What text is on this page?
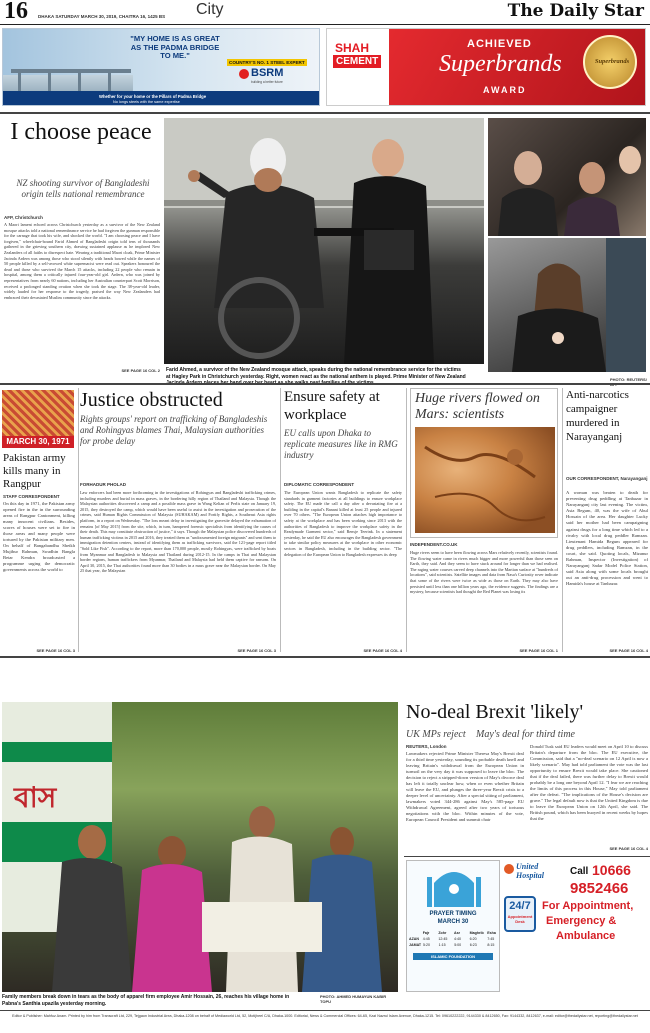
16 DHAKA SATURDAY MARCH 30, 2019, CHAITRA 16, 1425 BS City	The Daily Star
"MY HOME IS AS GREAT AS THE PADMA BRIDGE TO ME."
COUNTRY'S NO. 1 STEEL EXPERT
BSRM
building a better future
Whether for your home or the Pillars of Padma Bridge
No longs steels with the same expertise
SHAH
CEMENT
ACHIEVED
Superbrands
AWARD
Superbrands
I choose peace
NZ shooting survivor of Bangladeshi origin tells national remembrance
AFP, Christchurch
A Maori lament echoed across Christchurch yesterday as a survivor of the New Zealand mosque attacks told a national remembrance service he had forgiven the gunman responsible for the carnage that took his wife, and shocked the world. "I am choosing peace and I have forgiven," wheelchair-bound Farid Ahmed of Bangladeshi origin told tens of thousands gathered in the grieving southern city, drawing sustained applause as he implored New Zealanders of all faiths to disrespect hate. Wearing a traditional Maori cloak, Prime Minister Jacinda Ardern was among those who stood silently with heads bowed while the names of 50 people killed by a self-avowed white supremacist were read out. Speakers honoured the dead and those who survived the March 15 attacks, including 22 people who remain in hospital, among them a critically injured four-year-old girl. Ardern, who was joined by representatives from nearly 60 nations, including her Australian counterpart Scott Morrison, received a prolonged standing ovation when she took the stage. The 38-year-old leader, widely lauded for her response to the tragedy, praised the way New Zealanders had embraced their devastated Muslim community since the attacks.
SEE PAGE 16 COL 2 Farid Ahmed, a survivor of the New Zealand mosque attack, speaks during the national remembrance service for the victims at Hagley Park in Christchurch yesterday. Right, women react as the national anthem is played. Prime Minister of New Zealand	PHOTO: REUTERS/
MARCH 30, 1971
Pakistan army kills many in Rangpur
STAFF CORRESPONDENT
On this day in 1971, the Pakistan army opened fire in the in the surrounding areas of Rangpur Cantonment, killing many innocent civilians. Besides, scores of houses were set to fire in those areas and many people were tortured by the Pakistan military men. On behalf of Bangabandhu Sheikh Mujibur Rahman, Swadhin Bangla Betar Kendra broadcasted a programme urging the democratic governments across the world to
SEE PAGE 16 COL 3
Justice obstructed
Rights groups' report on trafficking of Bangladeshis and Rohingyas blames Thai, Malaysian authorities for probe delay
FORHADUR PHOLAD
Law enforcers had been more forthcoming in the investigations of Rohingyas and Bangladeshi trafficking crimes, including murders and burial in mass graves, in the bordering hilly region of Thailand and Malaysia. Though the Malaysian authorities discovered a camp and a possible mass grave in Wang Kelian of Perlis state on January 19, 2015, they destroyed the camp, which would have been useful to assist in the investigation and prosecution of the crimes, said Human Rights Commission of Malaysia (SUHAKAM) and Fortify Rights, a Southeast Asia rights platform, in a report on Wednesday. "The loss meant delay in investigating the gravesite delayed the exhumation of remains [of May 2015] from the site, which, in turn, hampered forensic specialists from identifying the causes of their death. This may constitute obstruction of justice," it says. Though the Malaysian police discovered hundreds of human trafficking victims in 2015 and 2016, they treated them as "undocumented foreign migrants" and sent them to immigration detention centers, instead of identifying them as trafficking survivors, said the 121-page report titled "Sold Like Fish". According to the report, more than 170,000 people, mostly Rohingyas, were trafficked by boats from Myanmar and Bangladesh to Malaysia and Thailand during 2012-15. In the camps in Thai and Malaysian border regions, human traffickers from Myanmar, Thailand and Malaysia had held them captive for ransom. On April 30, 2015, the Thai authorities found more than 30 bodies in a mass grave near the Malaysian border. On May 25 that year, the Malaysian
SEE PAGE 16 COL 3
Ensure safety at workplace
EU calls upon Dhaka to replicate measures like in RMG industry
DIPLOMATIC CORRESPONDENT
The European Union wants Bangladesh to replicate the safety standards in garment factories at all buildings to ensure workplace safety. The EU made the call a day after a devastating fire at a building in the capital's Banani killed at least 25 people and injured over 70 others. "The European Union attaches high importance to safety at the workplace and has been working since 2013 with the authorities of Bangladesh to improve the workplace safety in the Readymade Garment sector," said Rensje Teerink. In a statement yesterday, he said the EU also encourages the Bangladesh government to take similar policy measures at the workplace in other economic sectors in Bangladesh, including in the building sector. "The delegation of the European Union to Bangladesh expresses its deep
SEE PAGE 16 COL 4
Huge rivers flowed on Mars: scientists
INDEPENDENT.CO.UK
Huge rivers seem to have been flowing across Mars relatively recently, scientists found. The flowing water came in rivers much bigger and more powerful than those seen on Earth, they said. And they seem to have stuck around for longer than we had realised. The raging water courses carved deep channels into the Martian surface at "hundreds of locations", said scientists. Satellite images and data from Nasa's Curiosity rover indicate that some of the rivers were twice as wide as those on Earth. They may also have persisted until less than one billion years ago, the evidence suggests. The findings are a mystery, because scientists had thought the Red Planet was losing its
SEE PAGE 16 COL 1
Anti-narcotics campaigner murdered in Narayanganj
OUR CORRESPONDENT, Narayanganj
A woman was beaten to death for preventing drug peddling at Tanbazar in Narayanganj city last evening. The victim, Asia Begum, 40, was the wife of Abul Hossain of the area. Her daughter Lucky said her mother had been campaigning against drugs for a long time which led to a rivalry with local drug peddler Ramzan. Lieutenant Hamida Begum appeared for drug peddlers, including Ramzan, in the court, she said. Quoting locals, Mizanur Rahman, Inspector (Investigation) of Narayanganj Sadar Model Police Station, said Asia along with some locals brought out an anti-drug procession and went to Hamida's house at Tanbazar.
SEE PAGE 16 COL 4
বাস
Family members break down in tears as the body of apparel firm employee Amir Hossain, 26, reaches his village home in Pabna's Santhia upazila yesterday morning.
PHOTO: AHMED HUMAYUN KABIR TOPU
No-deal Brexit 'likely'
UK MPs reject May's deal for third time
REUTERS, London
Lawmakers rejected Prime Minister Theresa May's Brexit deal for a third time yesterday, sounding its probable death knell and leaving Britain's withdrawal from the European Union in turmoil on the very day it was supposed to leave the bloc. The decision to reject a stripped-down version of May's divorce deal has left it totally unclear how, when or even whether Britain will leave the EU, and plunges the three-year Brexit crisis to a deeper level of uncertainty. After a special sitting of parliament, lawmakers voted 344-286 against May's 585-page EU Withdrawal Agreement, agreed after two years of tortuous negotiations with the bloc. Within minutes of the vote, European Council President and summit chair
Donald Tusk said EU leaders would meet on April 10 to discuss Britain's departure from the bloc. The EU executive, the Commission, said that a "no-deal scenario on 12 April is now a likely scenario". May had told parliament the vote was the last opportunity to ensure Brexit would take place. She cautioned that if the deal failed, there was further delay to Brexit would probably be a long one beyond April 12. "I fear we are reaching the limits of this process in this House," May told parliament after the defeat. "The implications of the House's decision are grave." The legal default now is that the United Kingdom is due to leave the European Union on 12th April, she said. The British pound, which has been buoyed in recent weeks by hopes that the
SEE PAGE 16 COL 4
PRAYER TIMING
MARCH 30
Fajr	Zohr	Asr	Maghrib	Esha
AZAN	4:45	12:45	4:40	6:20	7:45
JAMAT 5:20	1:15	5:00	6:23	8:15
ISLAMIC FOUNDATION
United Hospital	Call 10666
9852466
24/7
Appointment Desk
For Appointment,
Emergency &
Ambulance
Editor & Publisher: Mahfuz Anam. Printed by him from Transcraft Ltd, 229, Tejgaon Industrial Area, Dhaka-1208 on behalf of Mediaworld Ltd, 52, Motijheel C/A, Dhaka-1000. Editorial, News & Commercial Offices: 64-65, Kazi Nazrul Islam Avenue, Dhaka-1215. Tel: 09610222222, 9144330 & 8412650, Fax: 9144332, 8412637, e-mail: editor@thedailystar.net, reporting@thedailystar.net
